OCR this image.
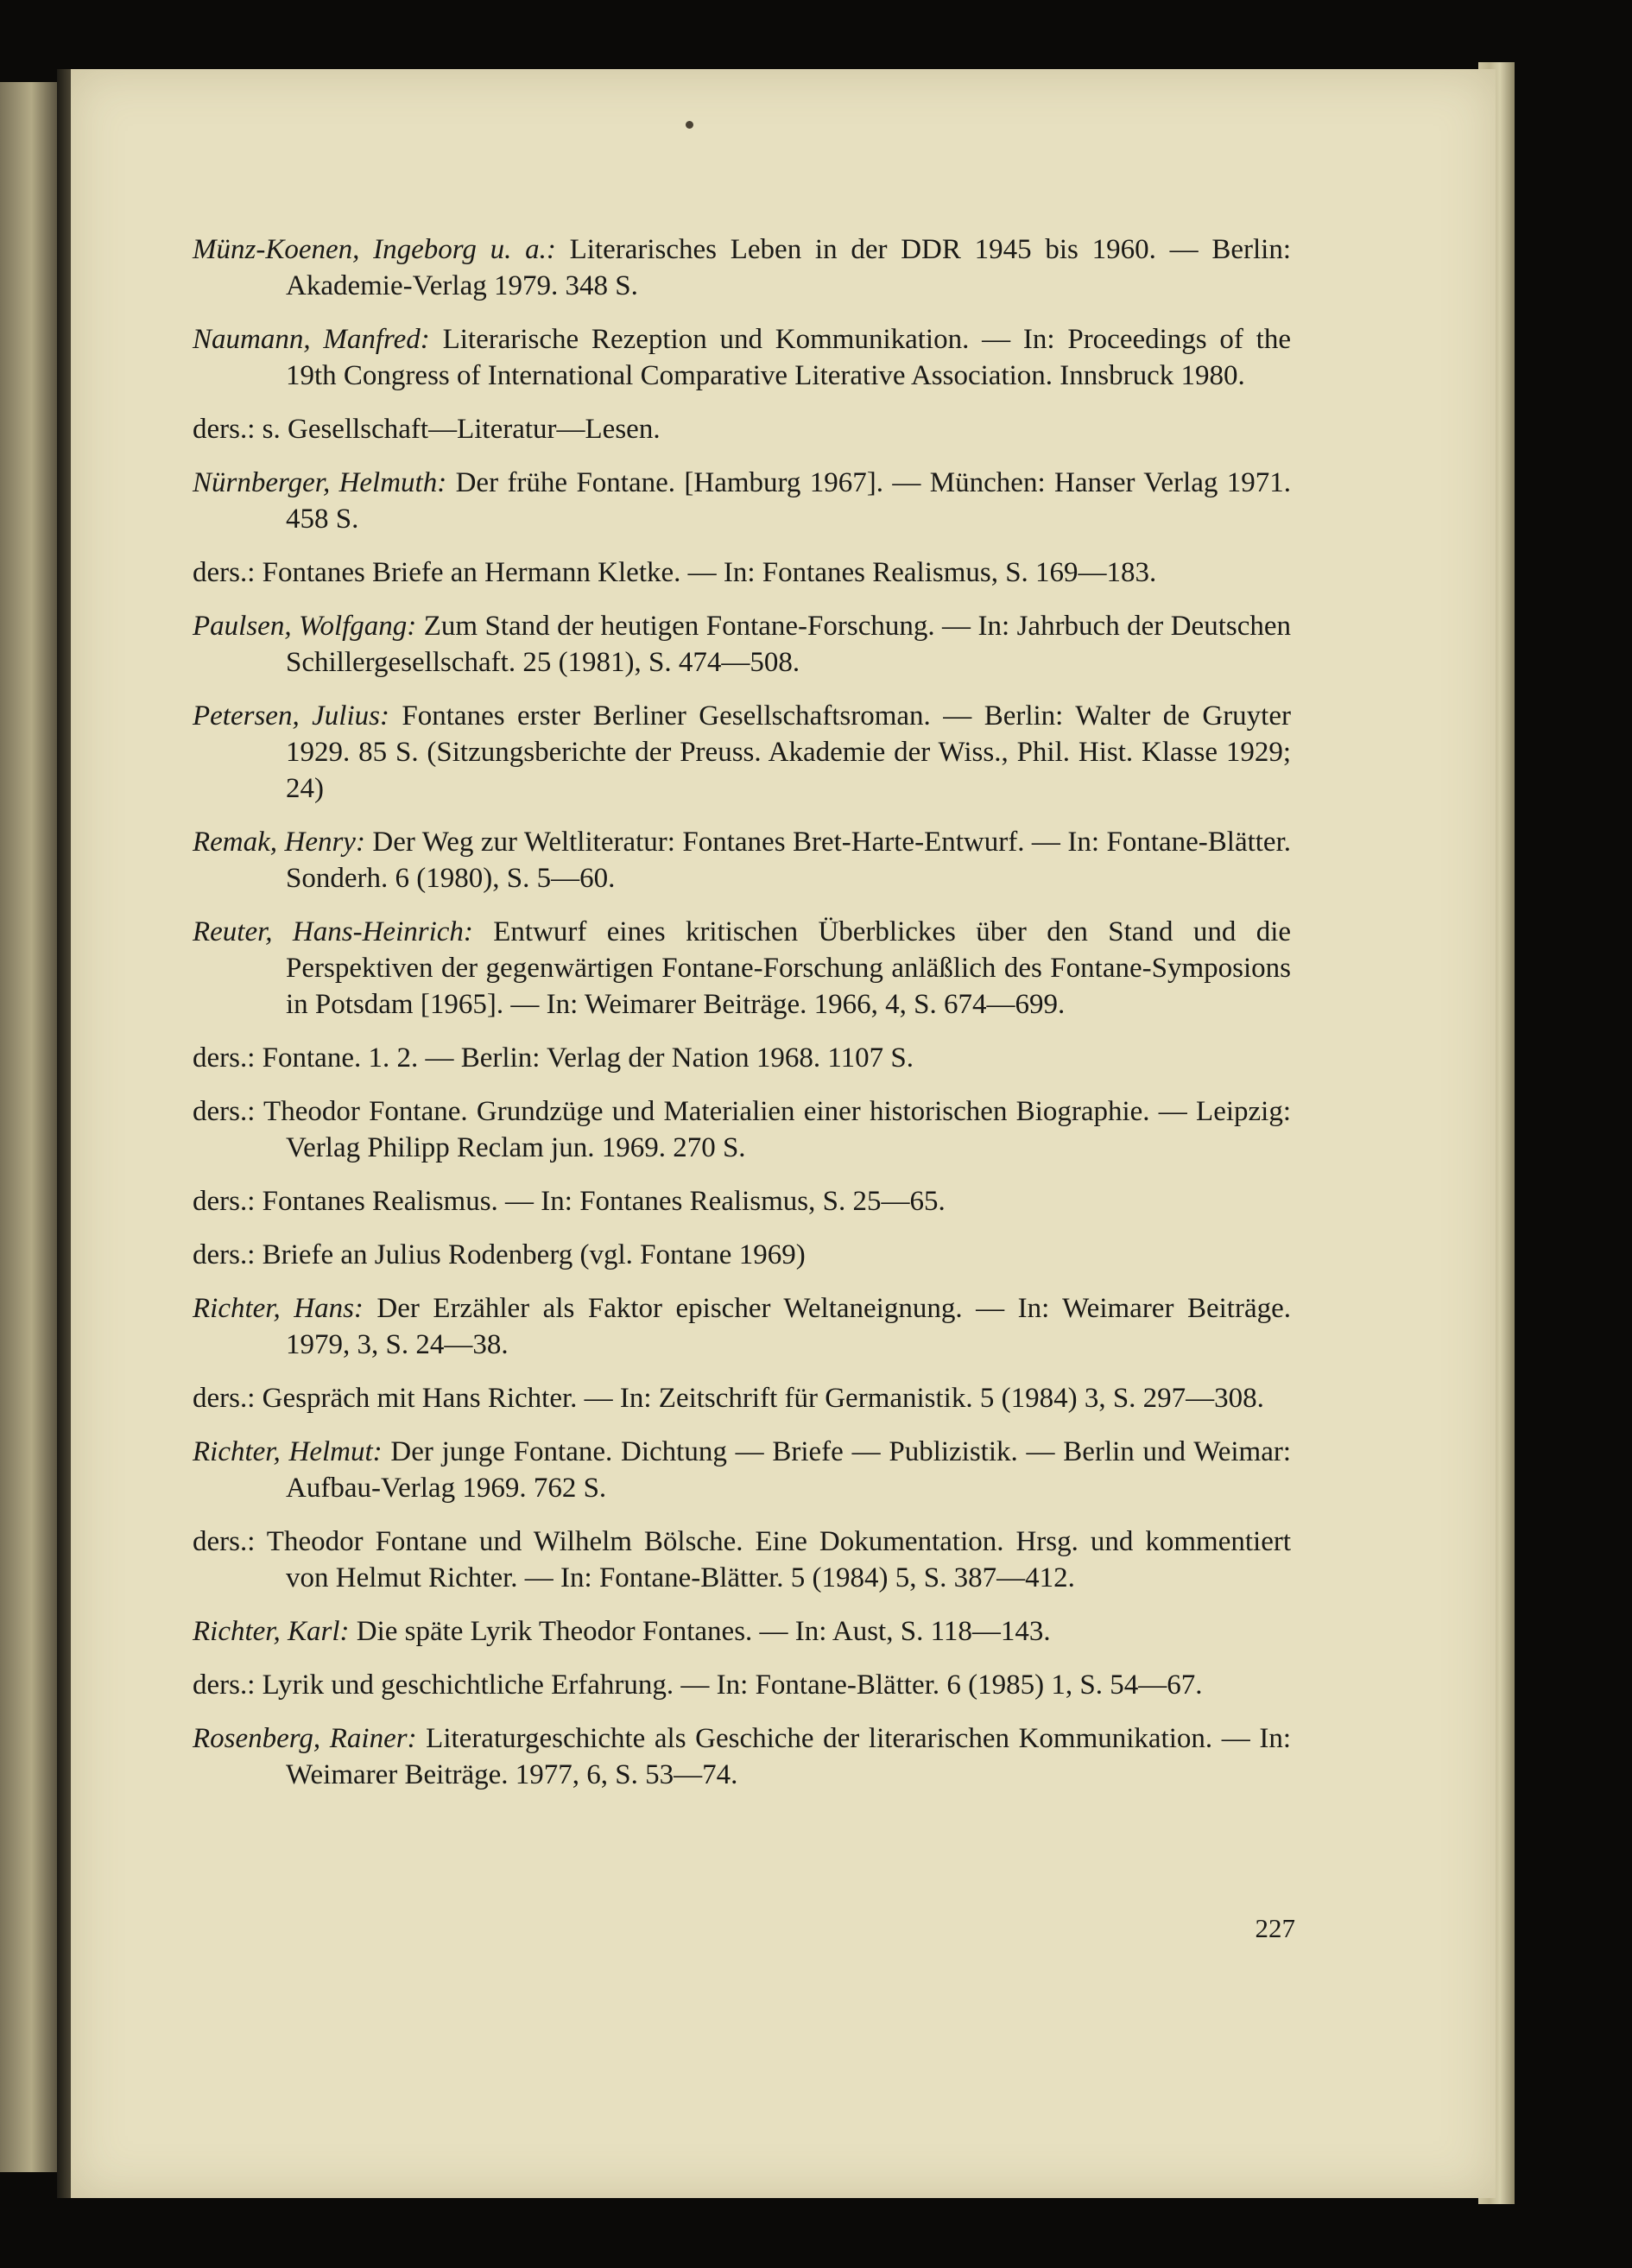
Münz-Koenen, Ingeborg u. a.: Literarisches Leben in der DDR 1945 bis 1960. — Berlin: Akademie-Verlag 1979. 348 S.
Naumann, Manfred: Literarische Rezeption und Kommunikation. — In: Proceedings of the 19th Congress of International Comparative Literative Association. Innsbruck 1980.
ders.: s. Gesellschaft—Literatur—Lesen.
Nürnberger, Helmuth: Der frühe Fontane. [Hamburg 1967]. — München: Hanser Verlag 1971. 458 S.
ders.: Fontanes Briefe an Hermann Kletke. — In: Fontanes Realismus, S. 169—183.
Paulsen, Wolfgang: Zum Stand der heutigen Fontane-Forschung. — In: Jahrbuch der Deutschen Schillergesellschaft. 25 (1981), S. 474—508.
Petersen, Julius: Fontanes erster Berliner Gesellschaftsroman. — Berlin: Walter de Gruyter 1929. 85 S. (Sitzungsberichte der Preuss. Akademie der Wiss., Phil. Hist. Klasse 1929; 24)
Remak, Henry: Der Weg zur Weltliteratur: Fontanes Bret-Harte-Entwurf. — In: Fontane-Blätter. Sonderh. 6 (1980), S. 5—60.
Reuter, Hans-Heinrich: Entwurf eines kritischen Überblickes über den Stand und die Perspektiven der gegenwärtigen Fontane-Forschung anläßlich des Fontane-Symposions in Potsdam [1965]. — In: Weimarer Beiträge. 1966, 4, S. 674—699.
ders.: Fontane. 1. 2. — Berlin: Verlag der Nation 1968. 1107 S.
ders.: Theodor Fontane. Grundzüge und Materialien einer historischen Biographie. — Leipzig: Verlag Philipp Reclam jun. 1969. 270 S.
ders.: Fontanes Realismus. — In: Fontanes Realismus, S. 25—65.
ders.: Briefe an Julius Rodenberg (vgl. Fontane 1969)
Richter, Hans: Der Erzähler als Faktor epischer Weltaneignung. — In: Weimarer Beiträge. 1979, 3, S. 24—38.
ders.: Gespräch mit Hans Richter. — In: Zeitschrift für Germanistik. 5 (1984) 3, S. 297—308.
Richter, Helmut: Der junge Fontane. Dichtung — Briefe — Publizistik. — Berlin und Weimar: Aufbau-Verlag 1969. 762 S.
ders.: Theodor Fontane und Wilhelm Bölsche. Eine Dokumentation. Hrsg. und kommentiert von Helmut Richter. — In: Fontane-Blätter. 5 (1984) 5, S. 387—412.
Richter, Karl: Die späte Lyrik Theodor Fontanes. — In: Aust, S. 118—143.
ders.: Lyrik und geschichtliche Erfahrung. — In: Fontane-Blätter. 6 (1985) 1, S. 54—67.
Rosenberg, Rainer: Literaturgeschichte als Geschiche der literarischen Kommunikation. — In: Weimarer Beiträge. 1977, 6, S. 53—74.
227
